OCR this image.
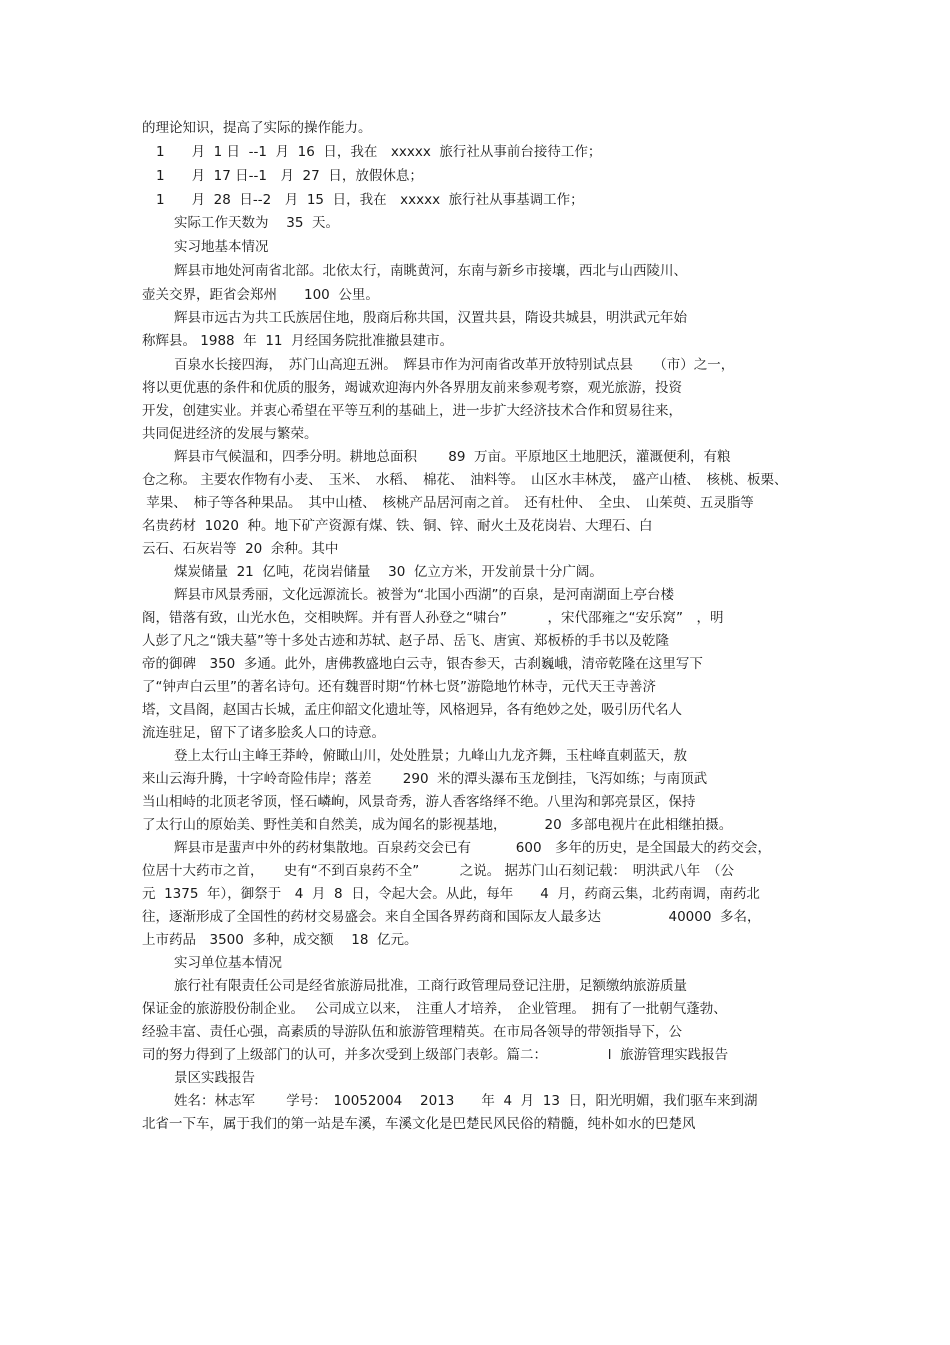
的理论知识，提高了实际的操作能力。

1　　月  1 日  --1  月  16  日，我在　xxxxx  旅行社从事前台接待工作；

1　　月  17 日--1　月  27  日，放假休息；

1　　月  28  日--2　月  15  日，我在　xxxxx  旅行社从事基调工作；

实际工作天数为　 35  天。

实习地基本情况

辉县市地处河南省北部。北依太行，南眺黄河，东南与新乡市接壤，西北与山西陵川、

壶关交界，距省会郑州　　100  公里。

辉县市远古为共工氏族居住地，殷商后称共国，汉置共县，隋设共城县，明洪武元年始

称辉县。 1988  年  11  月经国务院批准撤县建市。

百泉水长接四海，　苏门山高迎五洲。　辉县市作为河南省改革开放特别试点县　　（市）之一，

将以更优惠的条件和优质的服务，竭诚欢迎海内外各界朋友前来参观考察，观光旅游，投资

开发，创建实业。并衷心希望在平等互利的基础上，进一步扩大经济技术合作和贸易往来，

共同促进经济的发展与繁荣。

辉县市气候温和，四季分明。耕地总面积　　 89  万亩。平原地区土地肥沃，灌溉便利，有粮

仓之称。 主要农作物有小麦、　玉米、　水稻、　棉花、　油料等。　山区水丰林茂，　盛产山楂、　核桃、板栗、

苹果、　柿子等各种果品。　其中山楂、　核桃产品居河南之首。　还有杜仲、　全虫、　山茱萸、五灵脂等

名贵药材  1020  种。地下矿产资源有煤、铁、铜、锌、耐火土及花岗岩、大理石、白

云石、石灰岩等  20  余种。其中

煤炭储量  21  亿吨，花岗岩储量　 30  亿立方米，开发前景十分广阔。

辉县市风景秀丽，文化远源流长。被誉为“北国小西湖”的百泉，是河南湖面上亭台楼

阁，错落有致，山光水色，交相映辉。并有晋人孙登之“啸台”　　　，宋代邵雍之“安乐窝”　，明

人彭了凡之“饿夫墓”等十多处古迹和苏轼、赵子昂、岳飞、唐寅、郑板桥的手书以及乾隆

帝的御碑　350  多通。此外，唐佛教盛地白云寺，银杏参天，古刹巍峨，清帝乾隆在这里写下

了“钟声白云里”的著名诗句。还有魏晋时期“竹林七贤”游隐地竹林寺，元代天王寺善济

塔，文昌阁，赵国古长城，孟庄仰韶文化遗址等，风格迥异，各有绝妙之处，吸引历代名人

流连驻足，留下了诸多脍炙人口的诗意。

登上太行山主峰王莽岭，俯瞰山川，处处胜景；九峰山九龙齐舞，玉柱峰直刺蓝天，敖

来山云海升腾，十字岭奇险伟岸；落差　　 290  米的潭头瀑布玉龙倒挂，飞泻如练；与南顶武

当山相峙的北顶老爷顶，怪石嶙峋，风景奇秀，游人香客络绎不绝。八里沟和郭亮景区，保持

了太行山的原始美、野性美和自然美，成为闻名的影视基地，　　　 20  多部电视片在此相继拍摄。

辉县市是蜚声中外的药材集散地。百泉药交会已有　　　 600　多年的历史，是全国最大的药交会，

位居十大药市之首，　　史有“不到百泉药不全”　　　之说。 据苏门山石刻记载：　明洪武八年　（公

元  1375  年），御祭于　4  月  8  日，令起大会。从此，每年　　4  月，药商云集，北药南调，南药北

往，逐渐形成了全国性的药材交易盛会。来自全国各界药商和国际友人最多达　　　　　40000  多名，

上市药品　3500  多种，成交额　 18  亿元。

实习单位基本情况

旅行社有限责任公司是经省旅游局批准，工商行政管理局登记注册，足额缴纳旅游质量

保证金的旅游股份制企业。　 公司成立以来，　注重人才培养，　企业管理。　拥有了一批朝气蓬勃、

经验丰富、责任心强，高素质的导游队伍和旅游管理精英。在市局各领导的带领指导下，公

司的努力得到了上级部门的认可，并多次受到上级部门表彰。篇二：　　　　　l  旅游管理实践报告

景区实践报告

姓名：林志军　　 学号：　10052004　 2013　　年  4  月  13  日，阳光明媚，我们驱车来到湖

北省一下车，属于我们的第一站是车溪，车溪文化是巴楚民风民俗的精髓，纯朴如水的巴楚风
